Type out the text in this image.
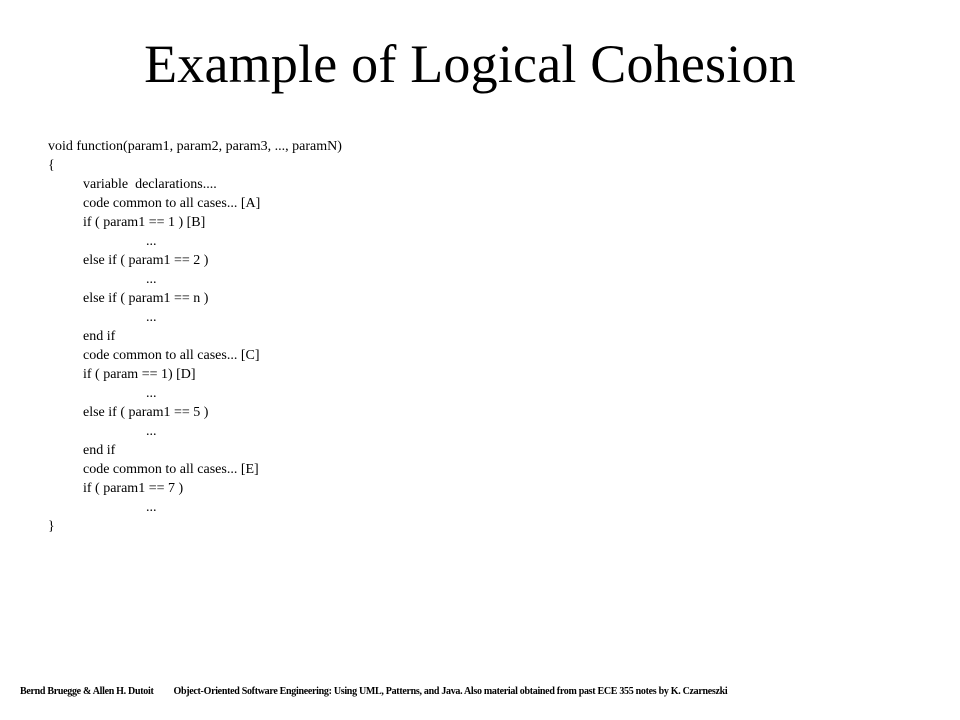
Example of Logical Cohesion
void function(param1, param2, param3, ..., paramN)
{
variable  declarations....
code common to all cases... [A]
if ( param1 == 1 ) [B]
...
else if ( param1 == 2 )
...
else if ( param1 == n )
...
end if
code common to all cases... [C]
if ( param == 1) [D]
...
else if ( param1 == 5 )
...
end if
code common to all cases... [E]
if ( param1 == 7 )
...
}
Bernd Bruegge & Allen H. Dutoit Object-Oriented Software Engineering: Using UML, Patterns, and Java. Also material obtained from past ECE 355 notes by K. Czarneszki
